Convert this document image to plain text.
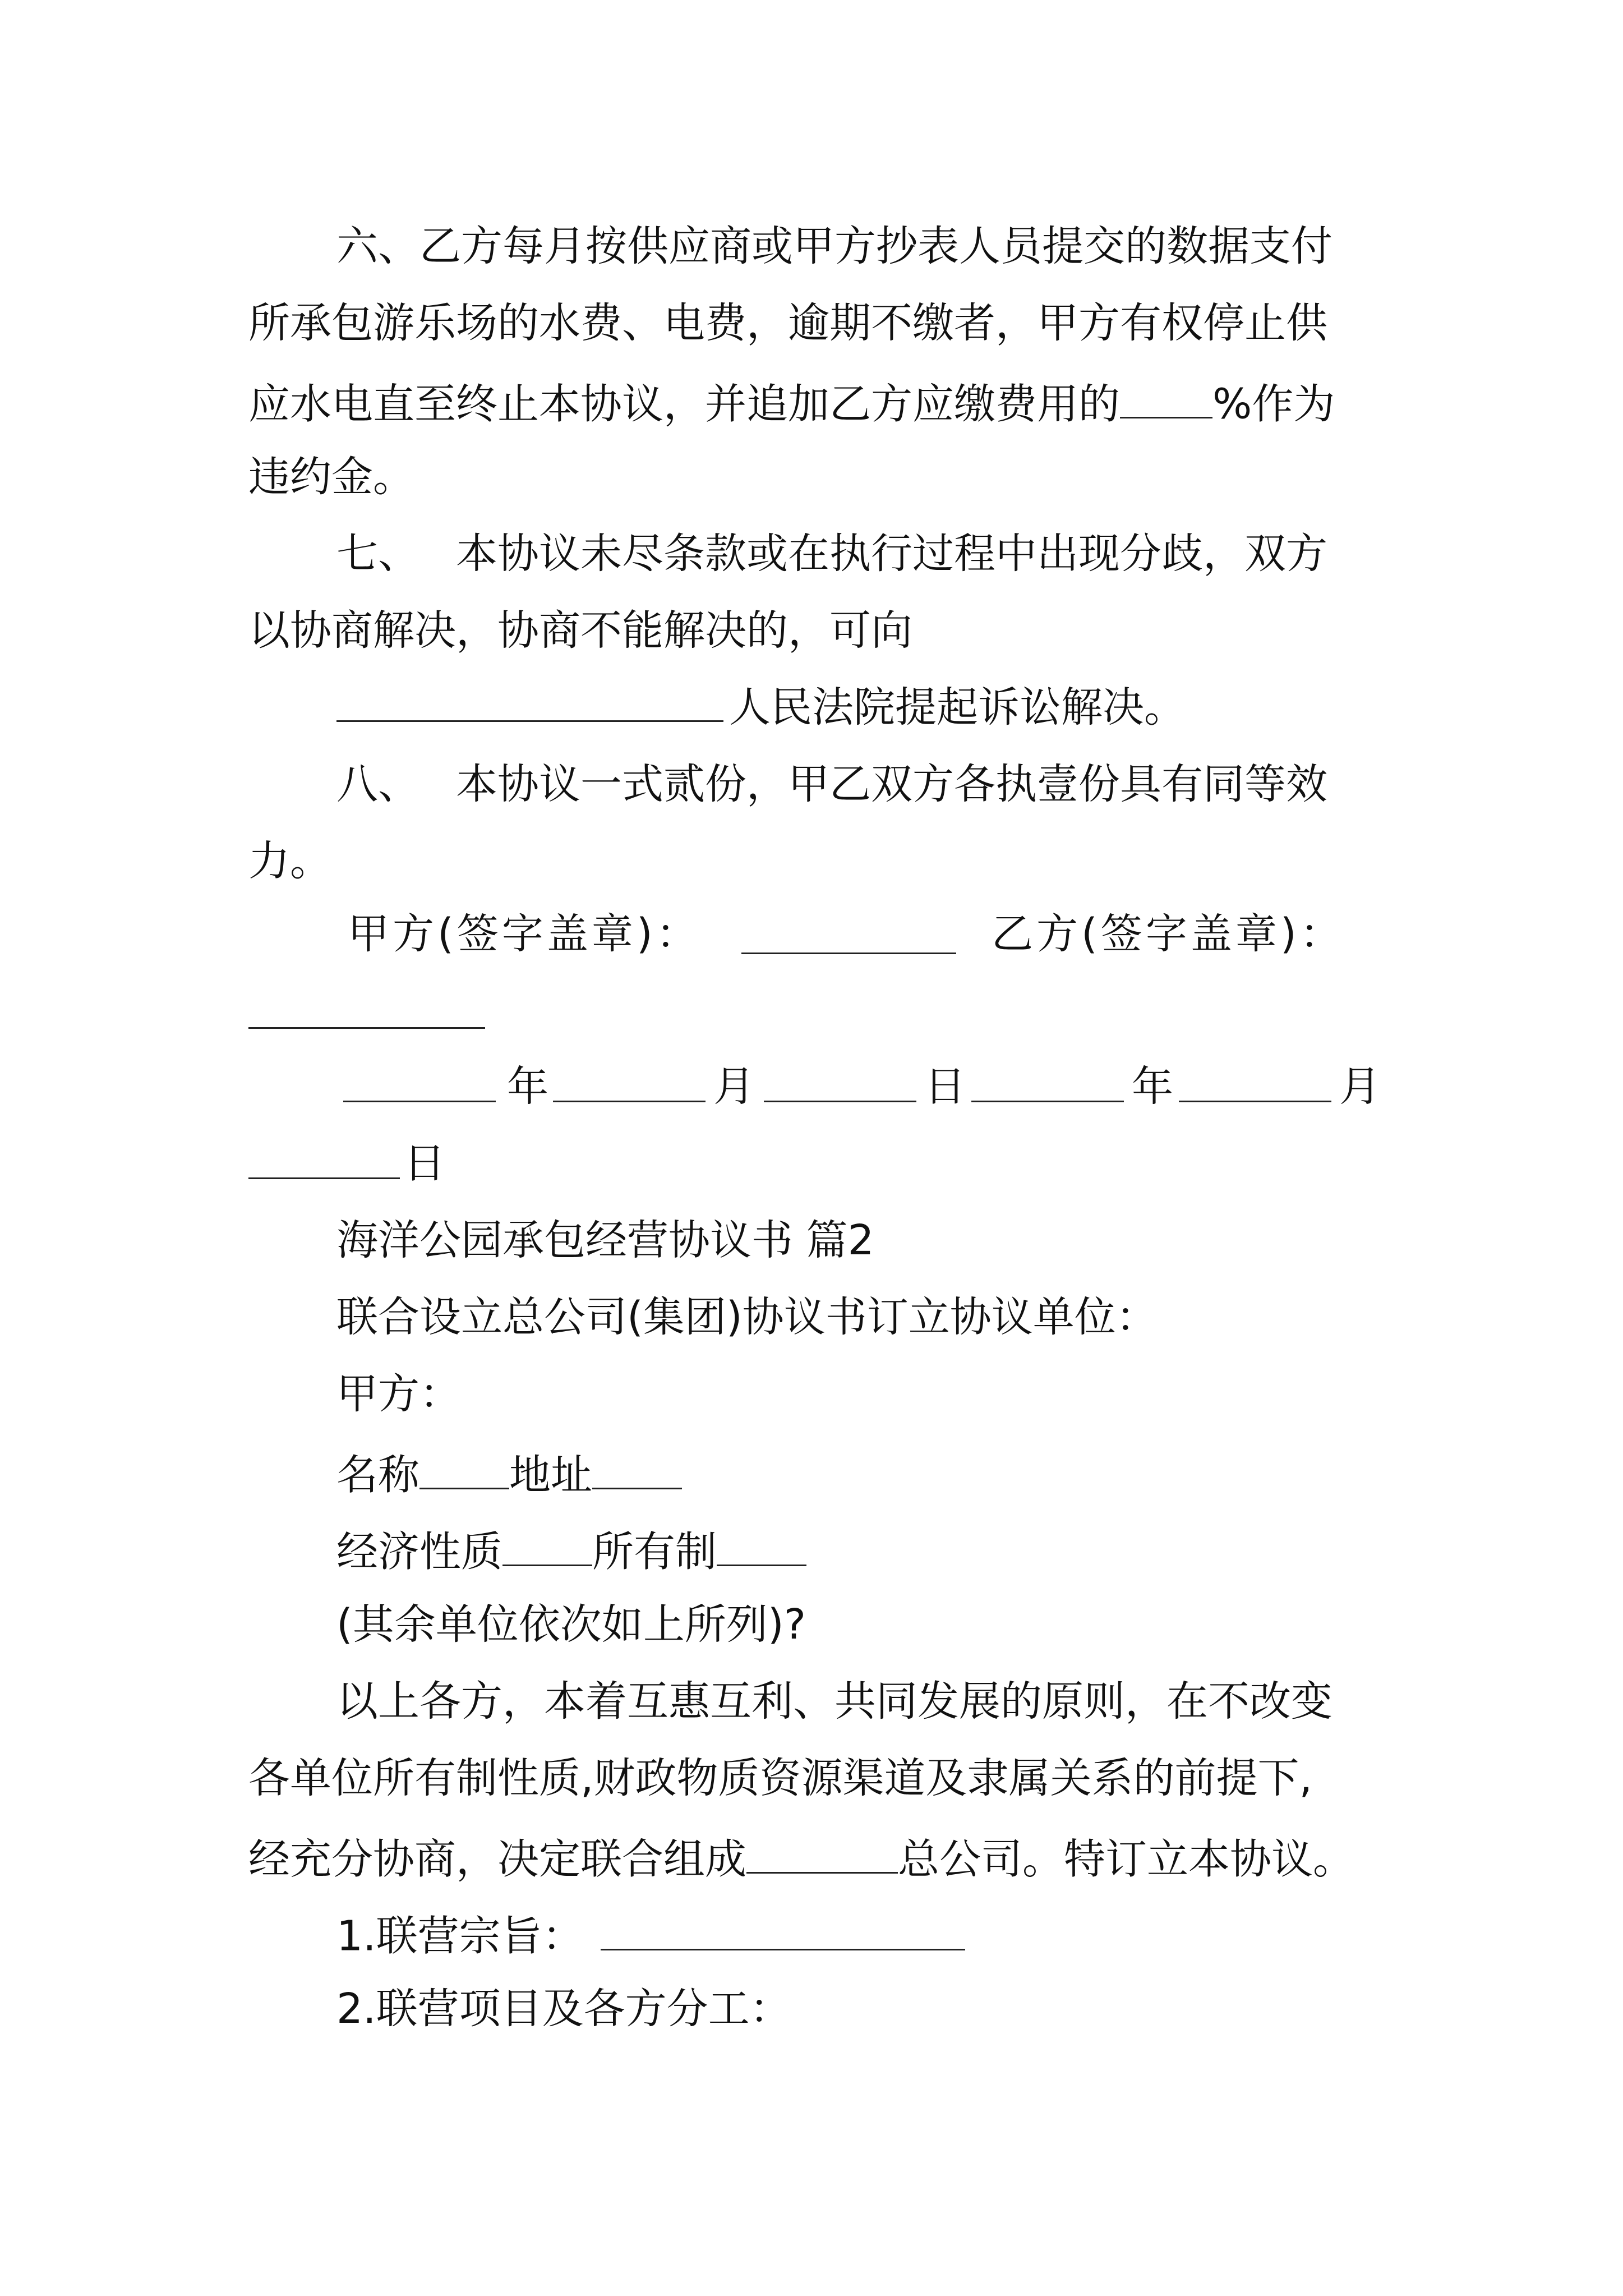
六、乙方每月按供应商或甲方抄表人员提交的数据支付
所承包游乐场的水费、电费，逾期不缴者，甲方有权停止供
应水电直至终止本协议，并追加乙方应缴费用的 %作为
违约金。
七、 本协议未尽条款或在执行过程中出现分歧，双方
以协商解决，协商不能解决的，可向
人民法院提起诉讼解决。
八、 本协议一式贰份，甲乙双方各执壹份具有同等效
力。
甲方(签字盖章)：	乙方(签字盖章)：
年	月	日	年	月
日
海洋公园承包经营协议书 篇2
联合设立总公司(集团)协议书订立协议单位：
甲方：
名称 地址
经济性质 所有制
(其余单位依次如上所列)?
以上各方，本着互惠互利、共同发展的原则，在不改变
各单位所有制性质,财政物质资源渠道及隶属关系的前提下,
经充分协商，决定联合组成	总公司。特订立本协议。
1.联营宗旨：
2.联营项目及各方分工：
